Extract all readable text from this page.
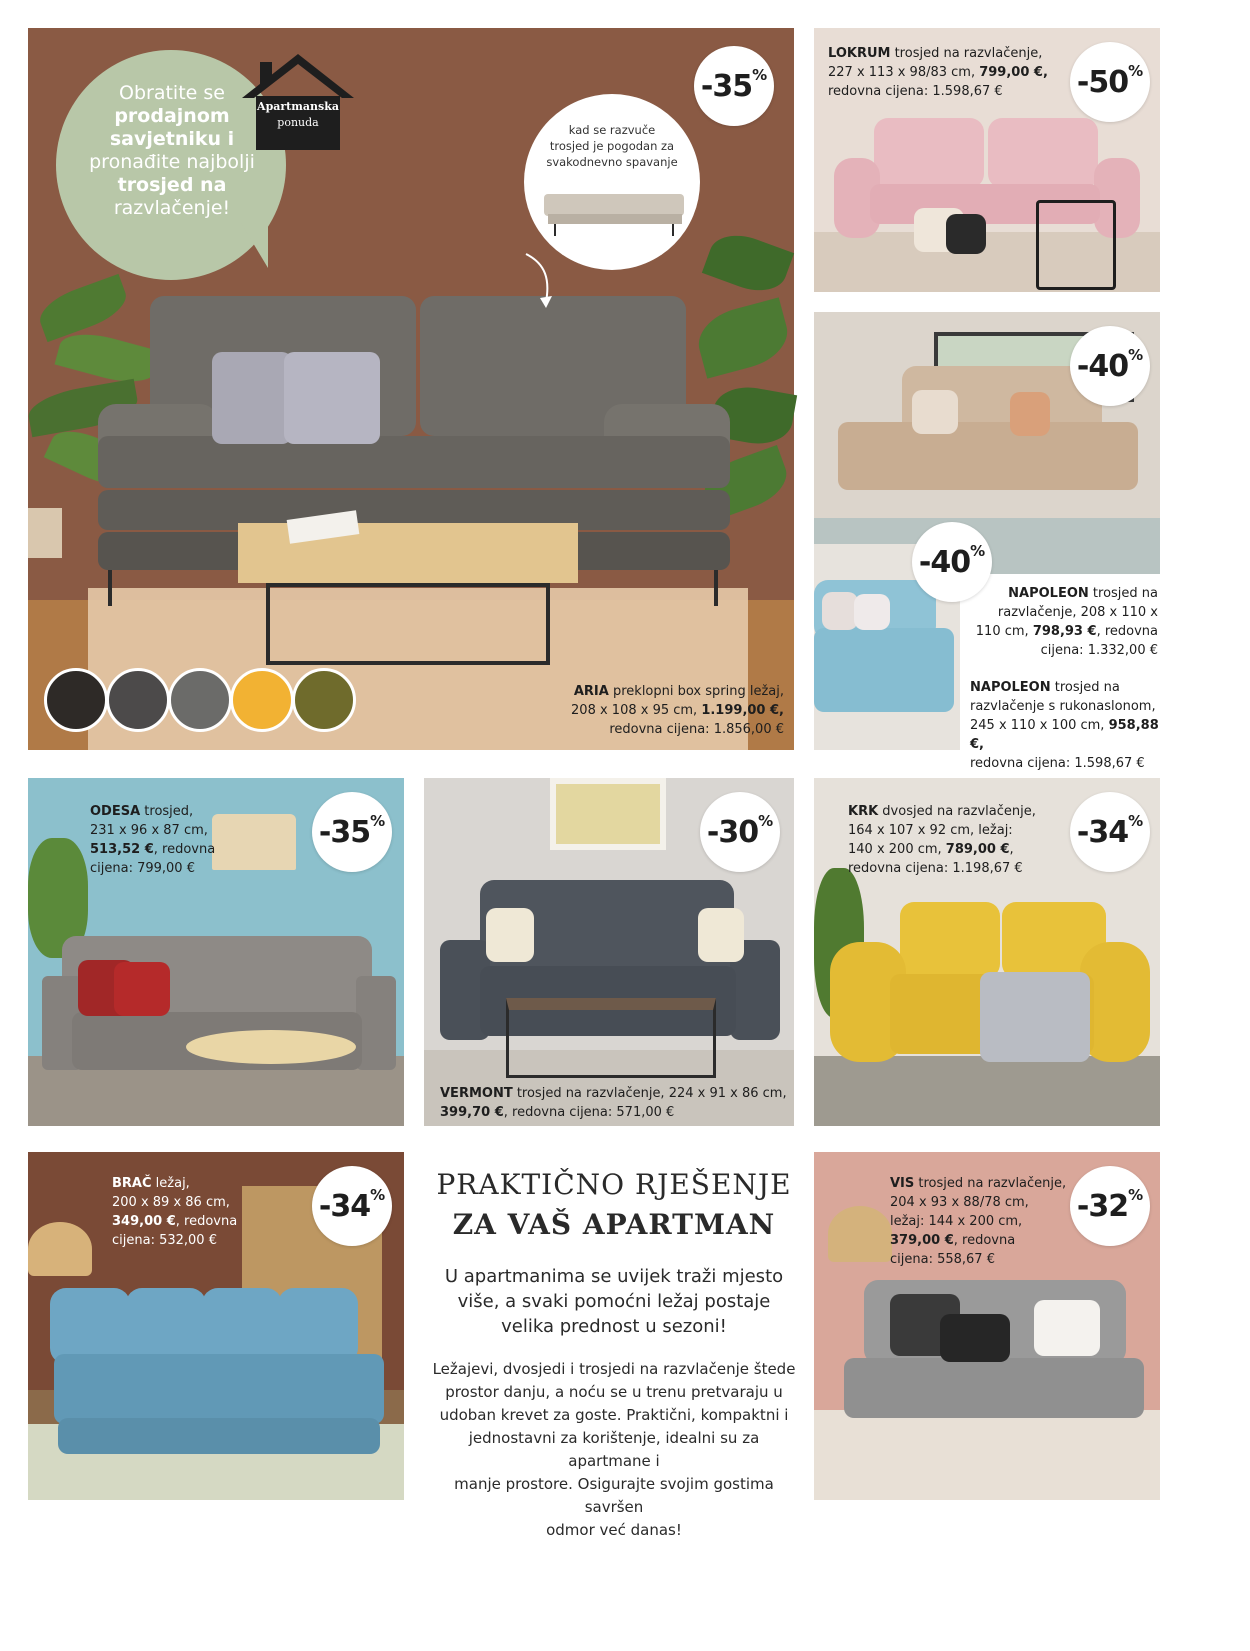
Obratite se
prodajnom
savjetniku i
pronađite najbolji
trosjed na
razvlačenje!
Apartmanska
ponuda
kad se razvuče
trosjed je pogodan za
svakodnevno spavanje
-35 %
ARIA preklopni box spring ležaj,
208 x 108 x 95 cm, 1.199,00 €,
redovna cijena: 1.856,00 €
LOKRUM trosjed na razvlačenje,
227 x 113 x 98/83 cm, 799,00 €,
redovna cijena: 1.598,67 €	-50 %
-40 %
-40 %
NAPOLEON trosjed na
razvlačenje, 208 x 110 x
110 cm, 798,93 €, redovna
cijena: 1.332,00 €
NAPOLEON trosjed na
razvlačenje s rukonaslonom,
245 x 110 x 100 cm, 958,88 €,
redovna cijena: 1.598,67 €
ODESA trosjed,
231 x 96 x 87 cm,
513,52 €, redovna
cijena: 799,00 €
-35 %
VERMONT trosjed na razvlačenje, 224 x 91 x 86 cm,
399,70 €, redovna cijena: 571,00 €
-30 %
KRK dvosjed na razvlačenje,
164 x 107 x 92 cm, ležaj:
140 x 200 cm, 789,00 €,
redovna cijena: 1.198,67 €
-34 %
BRAČ ležaj,
200 x 89 x 86 cm,
349,00 €, redovna
cijena: 532,00 €
-34 %	PRAKTIČNO RJEŠENJE
ZA VAŠ APARTMAN
U apartmanima se uvijek traži mjesto
više, a svaki pomoćni ležaj postaje
velika prednost u sezoni!
Ležajevi, dvosjedi i trosjedi na razvlačenje štede
prostor danju, a noću se u trenu pretvaraju u
udoban krevet za goste. Praktični, kompaktni i
jednostavni za korištenje, idealni su za apartmane i
manje prostore. Osigurajte svojim gostima savršen
odmor već danas!
VIS trosjed na razvlačenje,
204 x 93 x 88/78 cm,
ležaj: 144 x 200 cm,
379,00 €, redovna
cijena: 558,67 €
-32 %
